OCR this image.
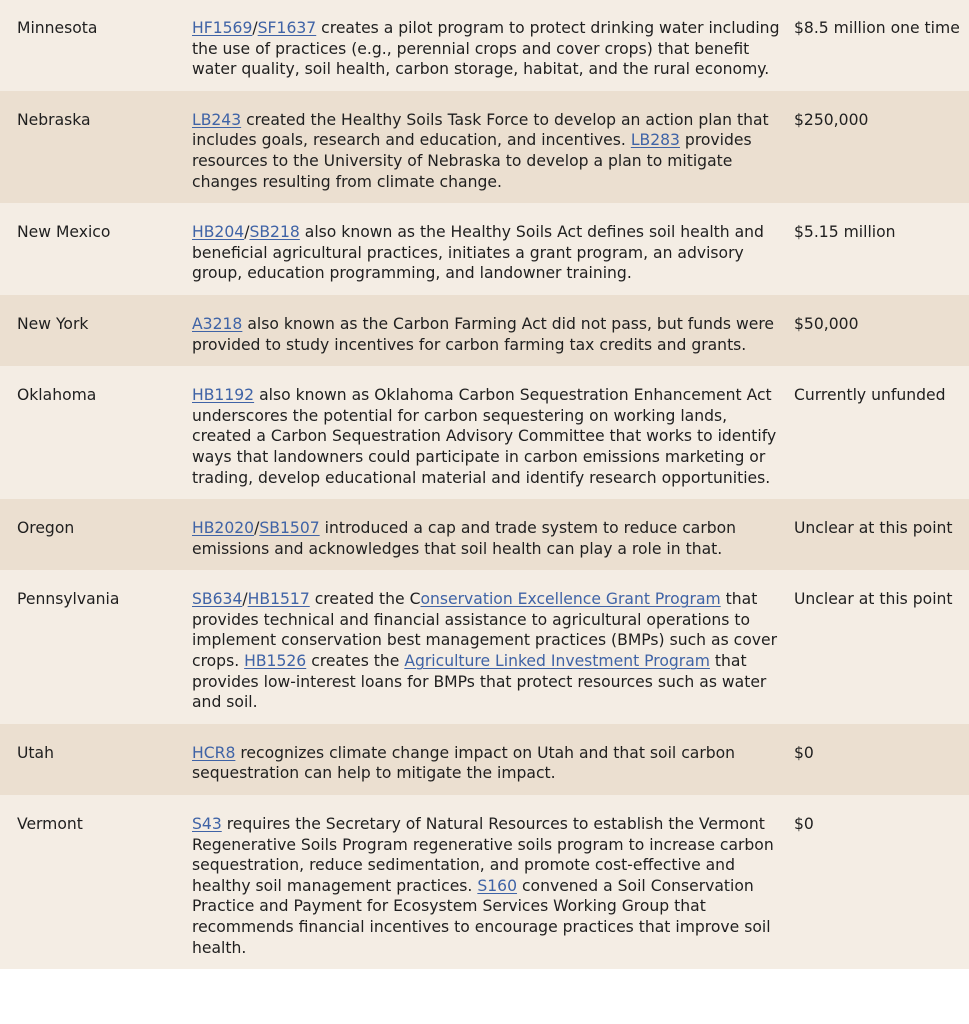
Minnesota	HF1569/SF1637 creates a pilot program to protect drinking water including the use of practices (e.g., perennial crops and cover crops) that benefit water quality, soil health, carbon storage, habitat, and the rural economy.	$8.5 million one time
Nebraska	LB243 created the Healthy Soils Task Force to develop an action plan that includes goals, research and education, and incentives. LB283 provides resources to the University of Nebraska to develop a plan to mitigate changes resulting from climate change.	$250,000
New Mexico	HB204/SB218 also known as the Healthy Soils Act defines soil health and beneficial agricultural practices, initiates a grant program, an advisory group, education programming, and landowner training.	$5.15 million
New York	A3218 also known as the Carbon Farming Act did not pass, but funds were provided to study incentives for carbon farming tax credits and grants.	$50,000
Oklahoma	HB1192 also known as Oklahoma Carbon Sequestration Enhancement Act underscores the potential for carbon sequestering on working lands, created a Carbon Sequestration Advisory Committee that works to identify ways that landowners could participate in carbon emissions marketing or trading, develop educational material and identify research opportunities.	Currently unfunded
Oregon	HB2020/SB1507 introduced a cap and trade system to reduce carbon emissions and acknowledges that soil health can play a role in that.	Unclear at this point
Pennsylvania	SB634/HB1517 created the Conservation Excellence Grant Program that provides technical and financial assistance to agricultural operations to implement conservation best management practices (BMPs) such as cover crops. HB1526 creates the Agriculture Linked Investment Program that provides low-interest loans for BMPs that protect resources such as water and soil.	Unclear at this point
Utah	HCR8 recognizes climate change impact on Utah and that soil carbon sequestration can help to mitigate the impact.	$0
Vermont	S43 requires the Secretary of Natural Resources to establish the Vermont Regenerative Soils Program regenerative soils program to increase carbon sequestration, reduce sedimentation, and promote cost-effective and healthy soil management practices. S160 convened a Soil Conservation Practice and Payment for Ecosystem Services Working Group that recommends financial incentives to encourage practices that improve soil health.	$0
